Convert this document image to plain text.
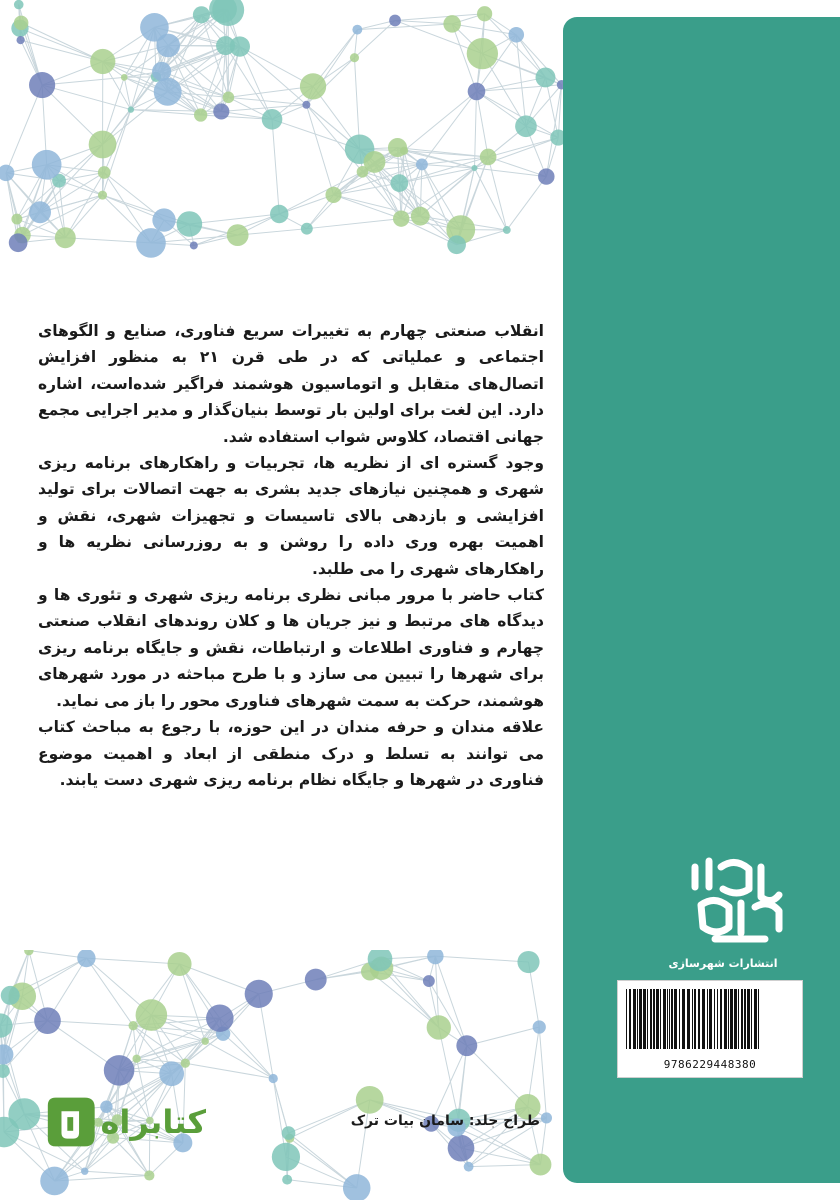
انقلاب صنعتی چهارم به تغییرات سریع فناوری، صنایع و الگوهای اجتماعی و عملیاتی که در طی قرن ۲۱ به منظور افزایش اتصال‌های متقابل و اتوماسیون هوشمند فراگیر شده‌است، اشاره دارد. این لغت برای اولین بار توسط بنیان‌گذار و مدیر اجرایی مجمع جهانی اقتصاد، کلاوس شواب استفاده شد.

وجود گستره ای از نظریه ها، تجربیات و راهکارهای برنامه ریزی شهری و همچنین نیازهای جدید بشری به جهت اتصالات برای تولید افزایشی و بازدهی بالای تاسیسات و تجهیزات شهری، نقش و اهمیت بهره وری داده را روشن و به روزرسانی نظریه ها و راهکارهای شهری را می طلبد.

کتاب حاضر با مرور مبانی نظری برنامه ریزی شهری و تئوری ها و دیدگاه های مرتبط و نیز جریان ها و کلان روندهای انقلاب صنعتی چهارم و فناوری اطلاعات و ارتباطات، نقش و جایگاه برنامه ریزی برای شهرها را تبیین می سازد و با طرح مباحثه در مورد شهرهای هوشمند، حرکت به سمت شهرهای فناوری محور را باز می نماید.

علاقه مندان و حرفه مندان در این حوزه، با رجوع به مباحث کتاب می توانند به تسلط و درک منطقی از ابعاد و اهمیت موضوع فناوری در شهرها و جایگاه نظام برنامه ریزی شهری دست یابند.

طراح جلد: سامان بیات ترک
کتابراه
انتشارات شهرسازی
9786229448380
